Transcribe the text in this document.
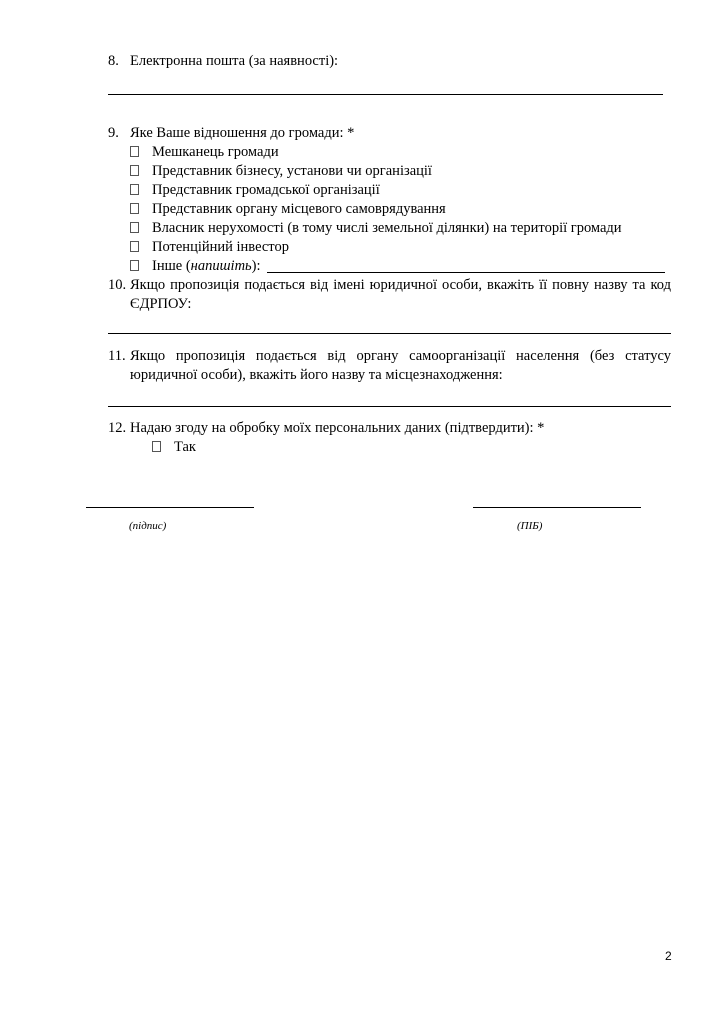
8. Електронна пошта (за наявності):
9. Яке Ваше відношення до громади: *
Мешканець громади
Представник бізнесу, установи чи організації
Представник громадської організації
Представник органу місцевого самоврядування
Власник нерухомості (в тому числі земельної ділянки) на території громади
Потенційний інвестор
Інше (напишіть):
10. Якщо пропозиція подається від імені юридичної особи, вкажіть її повну назву та код
ЄДРПОУ:
11. Якщо пропозиція подається від органу самоорганізації населення (без статусу
юридичної особи), вкажіть його назву та місцезнаходження:
12. Надаю згоду на обробку моїх персональних даних (підтвердити): *
Так
(підпис)	(ПІБ)
2
